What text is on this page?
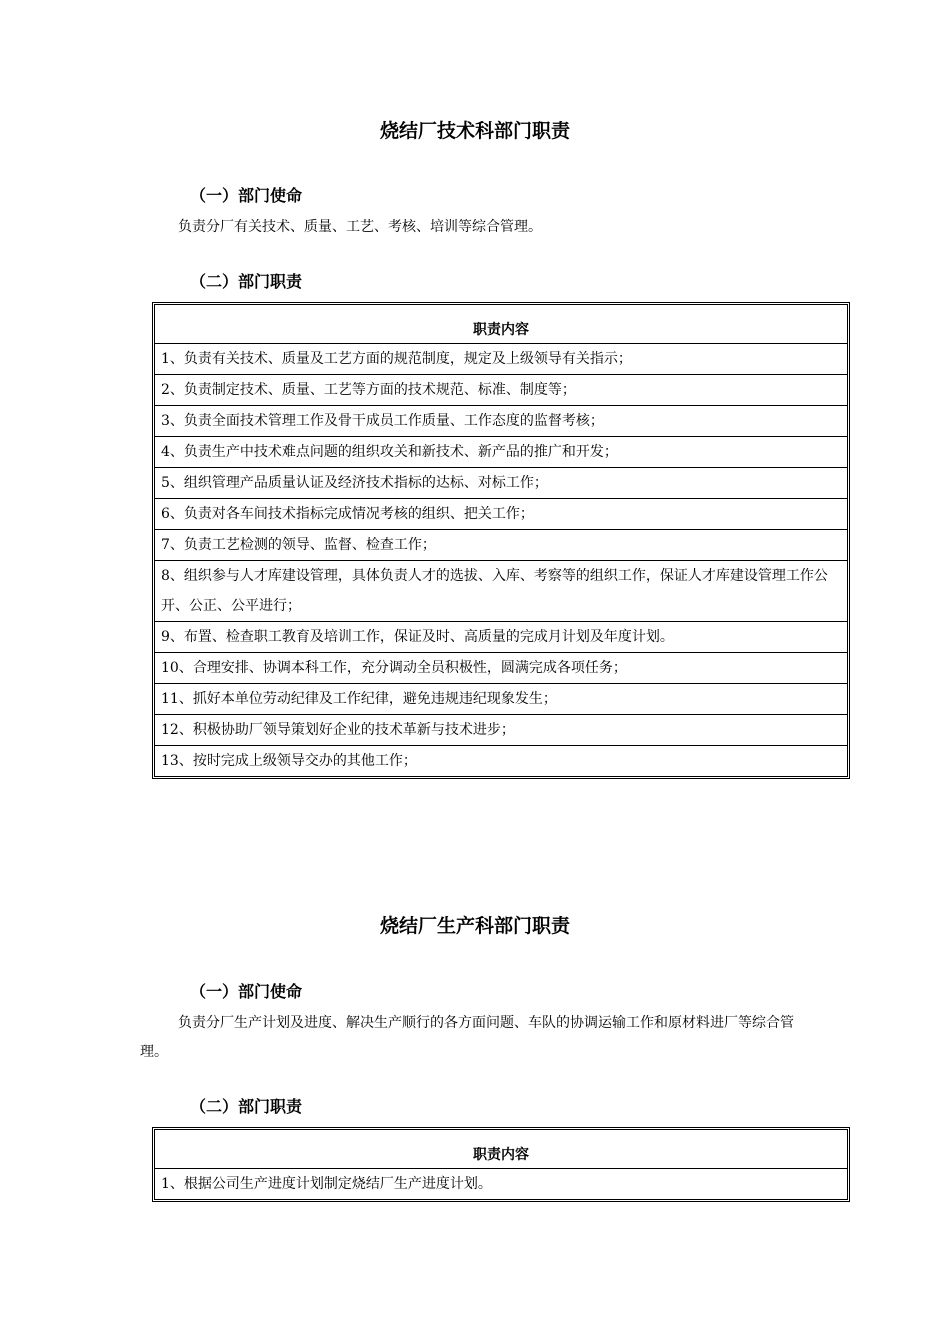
烧结厂技术科部门职责
（一）部门使命

负责分厂有关技术、质量、工艺、考核、培训等综合管理。

（二）部门职责
职责内容
1、负责有关技术、质量及工艺方面的规范制度，规定及上级领导有关指示；
2、负责制定技术、质量、工艺等方面的技术规范、标准、制度等；
3、负责全面技术管理工作及骨干成员工作质量、工作态度的监督考核；
4、负责生产中技术难点问题的组织攻关和新技术、新产品的推广和开发；
5、组织管理产品质量认证及经济技术指标的达标、对标工作；
6、负责对各车间技术指标完成情况考核的组织、把关工作；
7、负责工艺检测的领导、监督、检查工作；
8、组织参与人才库建设管理，具体负责人才的选拔、入库、考察等的组织工作，保证人才库建设管理工作公开、公正、公平进行；
9、布置、检查职工教育及培训工作，保证及时、高质量的完成月计划及年度计划。
10、合理安排、协调本科工作，充分调动全员积极性，圆满完成各项任务；
11、抓好本单位劳动纪律及工作纪律，避免违规违纪现象发生；
12、积极协助厂领导策划好企业的技术革新与技术进步；
13、按时完成上级领导交办的其他工作；
烧结厂生产科部门职责
（一）部门使命

负责分厂生产计划及进度、解决生产顺行的各方面问题、车队的协调运输工作和原材料进厂等综合管理。

（二）部门职责
职责内容
1、根据公司生产进度计划制定烧结厂生产进度计划。
